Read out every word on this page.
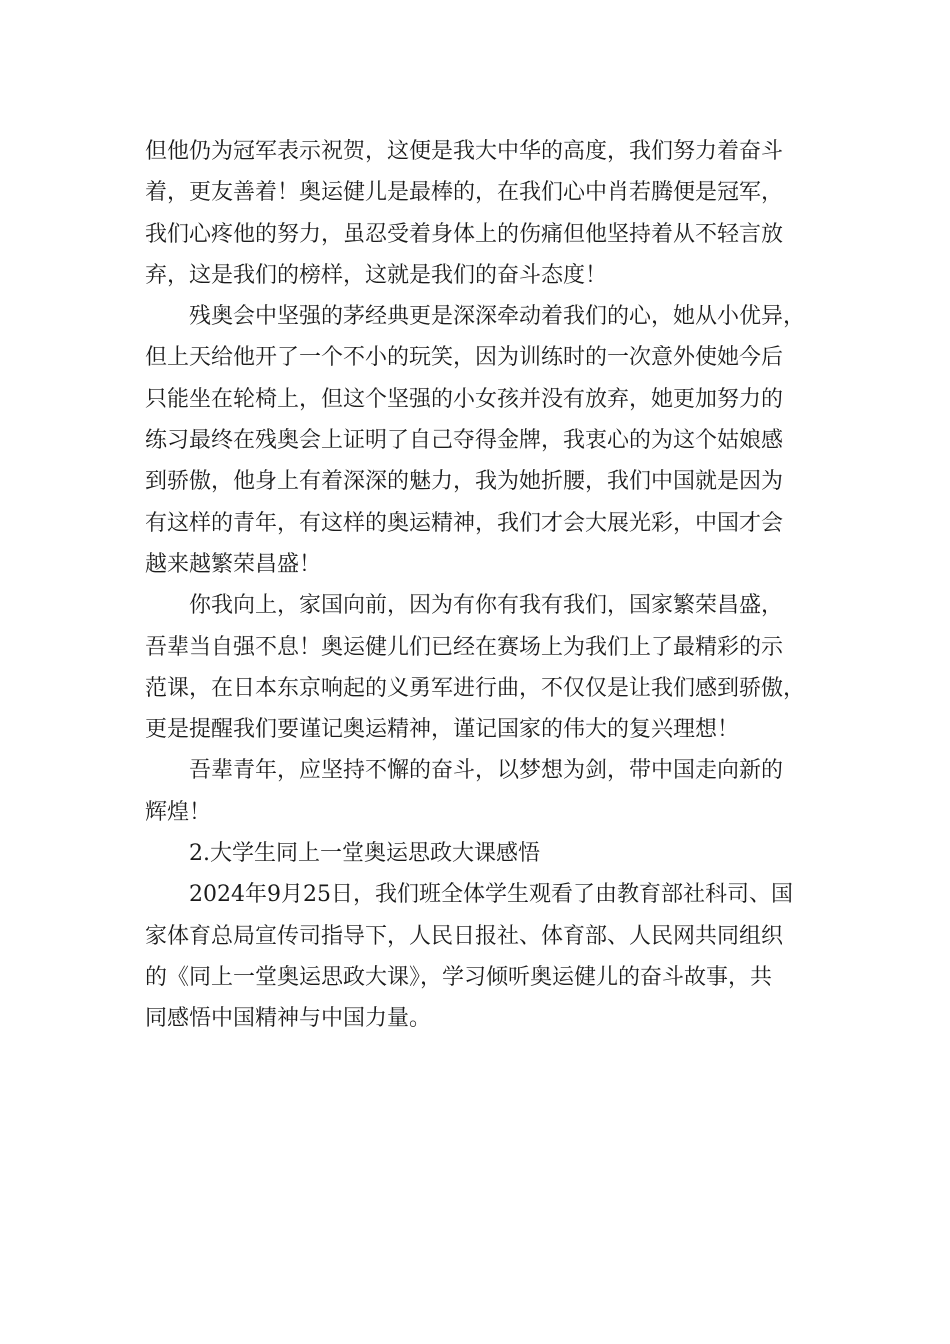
但他仍为冠军表示祝贺，这便是我大中华的高度，我们努力着奋斗
着，更友善着！奥运健儿是最棒的，在我们心中肖若腾便是冠军，
我们心疼他的努力，虽忍受着身体上的伤痛但他坚持着从不轻言放
弃，这是我们的榜样，这就是我们的奋斗态度！
残奥会中坚强的茅经典更是深深牵动着我们的心，她从小优异，
但上天给他开了一个不小的玩笑，因为训练时的一次意外使她今后
只能坐在轮椅上，但这个坚强的小女孩并没有放弃，她更加努力的
练习最终在残奥会上证明了自己夺得金牌，我衷心的为这个姑娘感
到骄傲，他身上有着深深的魅力，我为她折腰，我们中国就是因为
有这样的青年，有这样的奥运精神，我们才会大展光彩，中国才会
越来越繁荣昌盛！
你我向上，家国向前，因为有你有我有我们，国家繁荣昌盛，
吾辈当自强不息！奥运健儿们已经在赛场上为我们上了最精彩的示
范课，在日本东京响起的义勇军进行曲，不仅仅是让我们感到骄傲，
更是提醒我们要谨记奥运精神，谨记国家的伟大的复兴理想！
吾辈青年，应坚持不懈的奋斗，以梦想为剑，带中国走向新的
辉煌！
2.大学生同上一堂奥运思政大课感悟
2024年9月25日，我们班全体学生观看了由教育部社科司、国
家体育总局宣传司指导下，人民日报社、体育部、人民网共同组织
的《同上一堂奥运思政大课》，学习倾听奥运健儿的奋斗故事，共
同感悟中国精神与中国力量。
